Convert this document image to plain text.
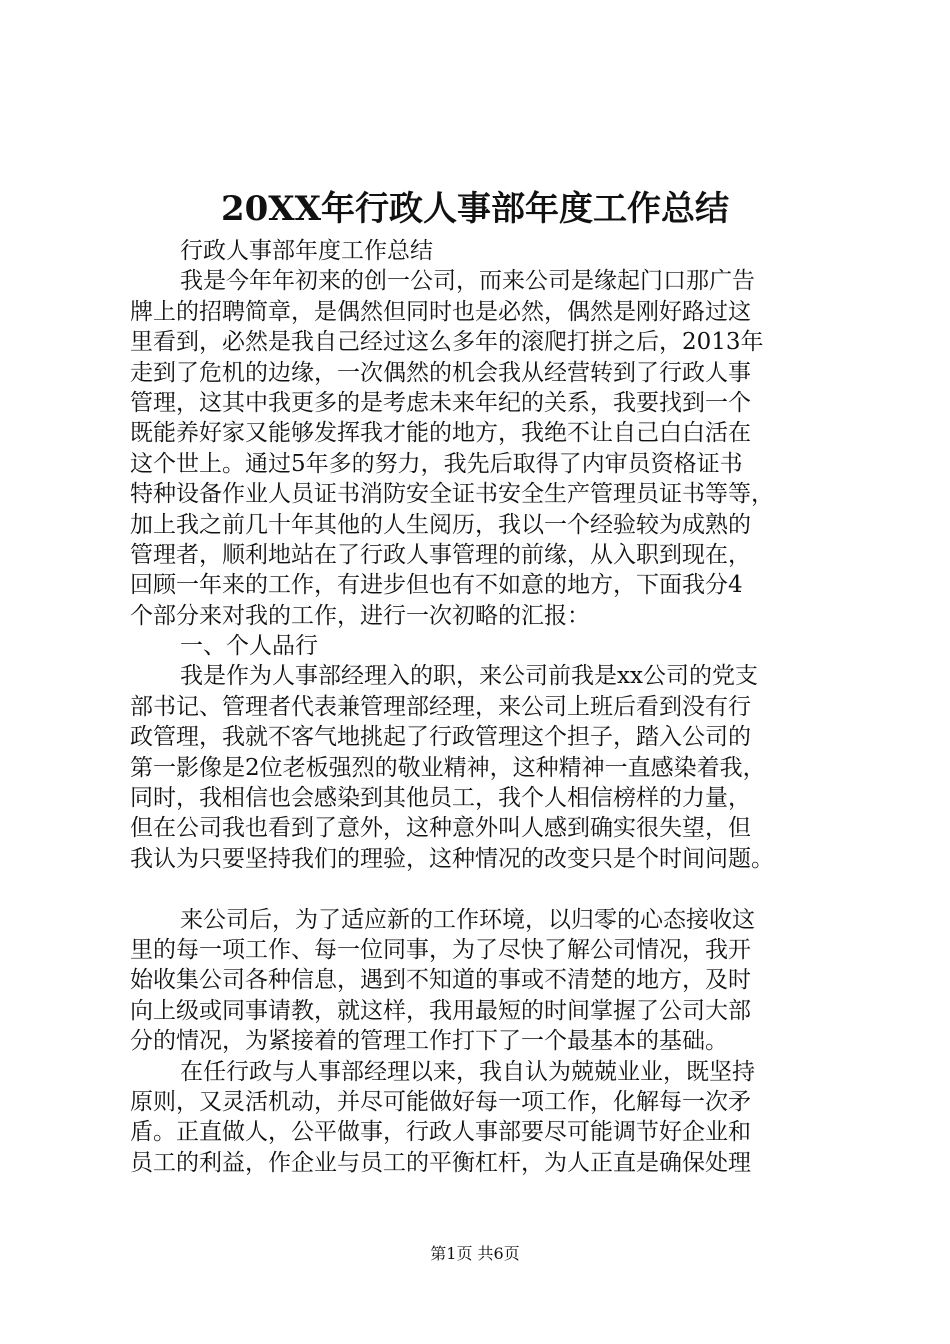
20XX年行政人事部年度工作总结
行政人事部年度工作总结
我是今年年初来的创一公司，而来公司是缘起门口那广告
牌上的招聘简章，是偶然但同时也是必然，偶然是刚好路过这
里看到，必然是我自己经过这么多年的滚爬打拼之后，2013年
走到了危机的边缘，一次偶然的机会我从经营转到了行政人事
管理，这其中我更多的是考虑未来年纪的关系，我要找到一个
既能养好家又能够发挥我才能的地方，我绝不让自己白白活在
这个世上。通过5年多的努力，我先后取得了内审员资格证书
特种设备作业人员证书消防安全证书安全生产管理员证书等等，
加上我之前几十年其他的人生阅历，我以一个经验较为成熟的
管理者，顺利地站在了行政人事管理的前缘，从入职到现在，
回顾一年来的工作，有进步但也有不如意的地方，下面我分4
个部分来对我的工作，进行一次初略的汇报：
一、个人品行
我是作为人事部经理入的职，来公司前我是xx公司的党支
部书记、管理者代表兼管理部经理，来公司上班后看到没有行
政管理，我就不客气地挑起了行政管理这个担子，踏入公司的
第一影像是2位老板强烈的敬业精神，这种精神一直感染着我，
同时，我相信也会感染到其他员工，我个人相信榜样的力量，
但在公司我也看到了意外，这种意外叫人感到确实很失望，但
我认为只要坚持我们的理验，这种情况的改变只是个时间问题。
来公司后，为了适应新的工作环境，以归零的心态接收这
里的每一项工作、每一位同事，为了尽快了解公司情况，我开
始收集公司各种信息，遇到不知道的事或不清楚的地方，及时
向上级或同事请教，就这样，我用最短的时间掌握了公司大部
分的情况，为紧接着的管理工作打下了一个最基本的基础。
在任行政与人事部经理以来，我自认为兢兢业业，既坚持
原则，又灵活机动，并尽可能做好每一项工作，化解每一次矛
盾。正直做人，公平做事，行政人事部要尽可能调节好企业和
员工的利益，作企业与员工的平衡杠杆，为人正直是确保处理
第1页 共6页
